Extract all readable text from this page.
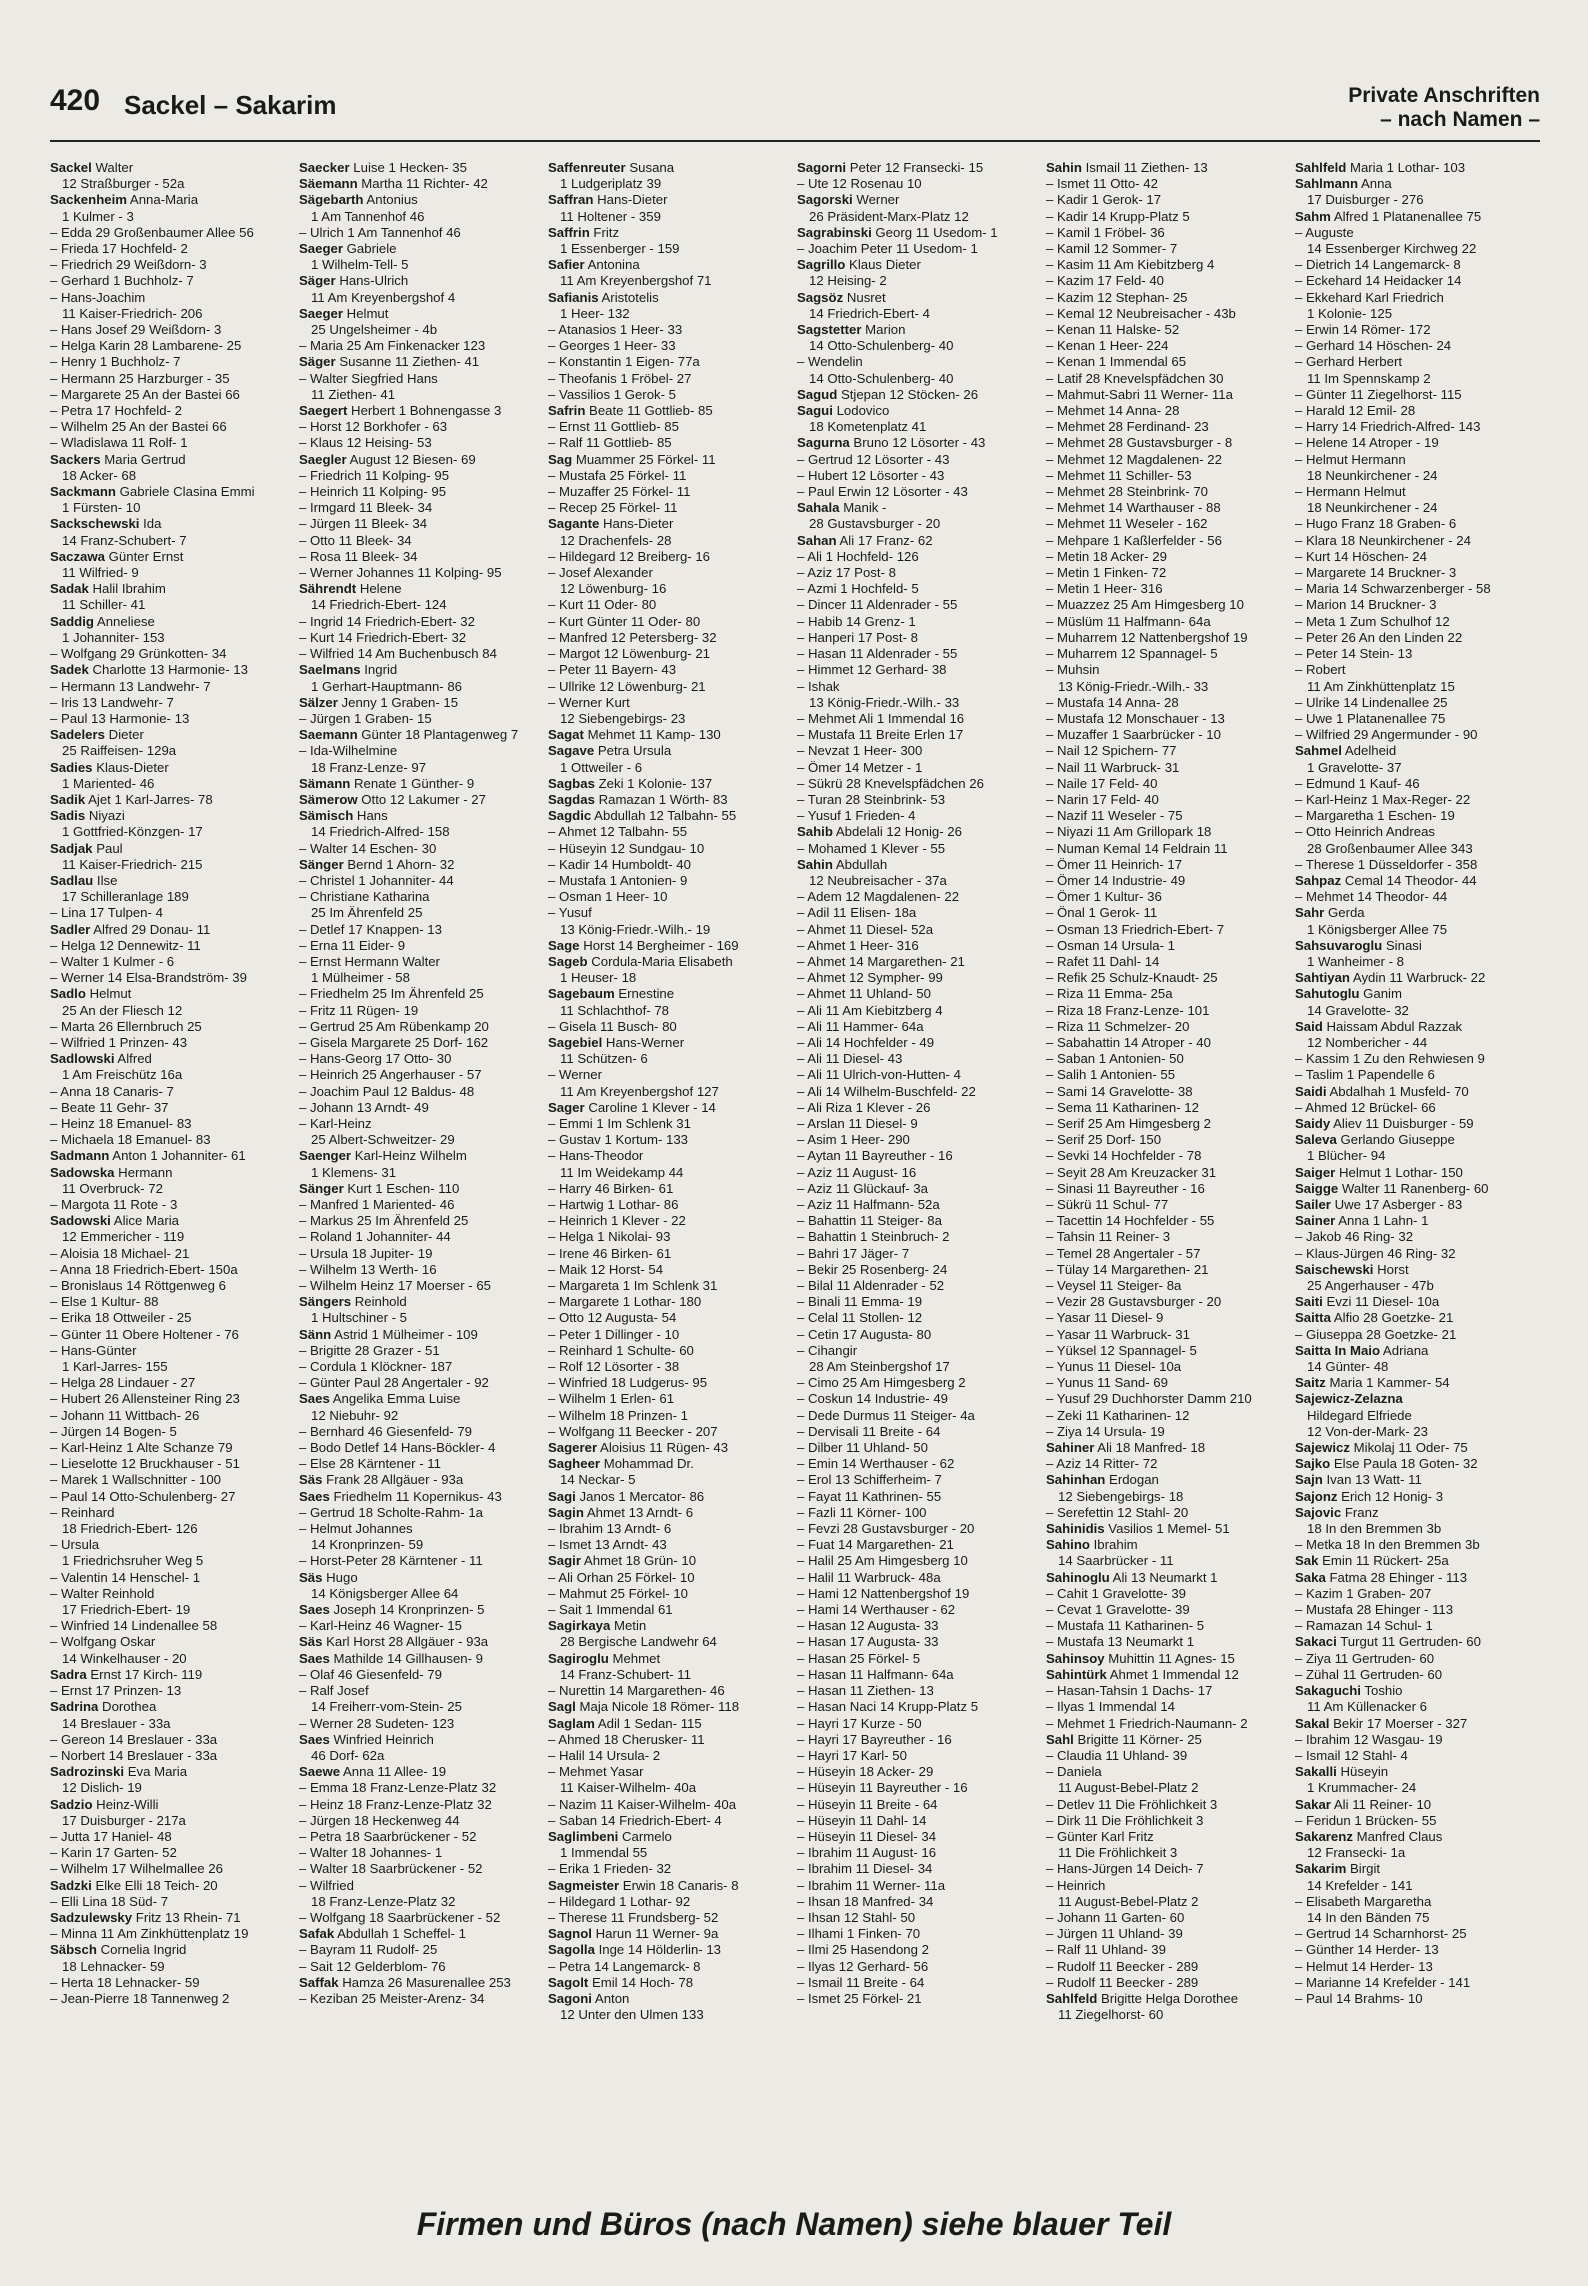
420 Sackel – Sakarim	Private Anschriften
– nach Namen –
Sackel Walter
12 Straßburger - 52a
Sackenheim Anna-Maria
1 Kulmer - 3
– Edda 29 Großenbaumer Allee 56
– Frieda 17 Hochfeld- 2
– Friedrich 29 Weißdorn- 3
– Gerhard 1 Buchholz- 7
– Hans-Joachim
11 Kaiser-Friedrich- 206
– Hans Josef 29 Weißdorn- 3
– Helga Karin 28 Lambarene- 25
– Henry 1 Buchholz- 7
– Hermann 25 Harzburger - 35
– Margarete 25 An der Bastei 66
– Petra 17 Hochfeld- 2
– Wilhelm 25 An der Bastei 66
– Wladislawa 11 Rolf- 1
Sackers Maria Gertrud
18 Acker- 68
Sackmann Gabriele Clasina Emmi
1 Fürsten- 10
Sackschewski Ida
14 Franz-Schubert- 7
Saczawa Günter Ernst
11 Wilfried- 9
Sadak Halil Ibrahim
11 Schiller- 41
Saddig Anneliese
1 Johanniter- 153
– Wolfgang 29 Grünkotten- 34
Sadek Charlotte 13 Harmonie- 13
– Hermann 13 Landwehr- 7
– Iris 13 Landwehr- 7
– Paul 13 Harmonie- 13
Sadelers Dieter
25 Raiffeisen- 129a
Sadies Klaus-Dieter
1 Mariented- 46
Sadik Ajet 1 Karl-Jarres- 78
Sadis Niyazi
1 Gottfried-Könzgen- 17
Sadjak Paul
11 Kaiser-Friedrich- 215
Sadlau Ilse
17 Schilleranlage 189
– Lina 17 Tulpen- 4
Sadler Alfred 29 Donau- 11
– Helga 12 Dennewitz- 11
– Walter 1 Kulmer - 6
– Werner 14 Elsa-Brandström- 39
Sadlo Helmut
25 An der Fliesch 12
– Marta 26 Ellernbruch 25
– Wilfried 1 Prinzen- 43
Sadlowski Alfred
1 Am Freischütz 16a
– Anna 18 Canaris- 7
– Beate 11 Gehr- 37
– Heinz 18 Emanuel- 83
– Michaela 18 Emanuel- 83
Sadmann Anton 1 Johanniter- 61
Sadowska Hermann
11 Overbruck- 72
– Margota 11 Rote - 3
Sadowski Alice Maria
12 Emmericher - 119
– Aloisia 18 Michael- 21
– Anna 18 Friedrich-Ebert- 150a
– Bronislaus 14 Röttgenweg 6
– Else 1 Kultur- 88
– Erika 18 Ottweiler - 25
– Günter 11 Obere Holtener - 76
– Hans-Günter
1 Karl-Jarres- 155
– Helga 28 Lindauer - 27
– Hubert 26 Allensteiner Ring 23
– Johann 11 Wittbach- 26
– Jürgen 14 Bogen- 5
– Karl-Heinz 1 Alte Schanze 79
– Lieselotte 12 Bruckhauser - 51
– Marek 1 Wallschnitter - 100
– Paul 14 Otto-Schulenberg- 27
– Reinhard
18 Friedrich-Ebert- 126
– Ursula
1 Friedrichsruher Weg 5
– Valentin 14 Henschel- 1
– Walter Reinhold
17 Friedrich-Ebert- 19
– Winfried 14 Lindenallee 58
– Wolfgang Oskar
14 Winkelhauser - 20
Sadra Ernst 17 Kirch- 119
– Ernst 17 Prinzen- 13
Sadrina Dorothea
14 Breslauer - 33a
– Gereon 14 Breslauer - 33a
– Norbert 14 Breslauer - 33a
Sadrozinski Eva Maria
12 Dislich- 19
Sadzio Heinz-Willi
17 Duisburger - 217a
– Jutta 17 Haniel- 48
– Karin 17 Garten- 52
– Wilhelm 17 Wilhelmallee 26
Sadzki Elke Elli 18 Teich- 20
– Elli Lina 18 Süd- 7
Sadzulewsky Fritz 13 Rhein- 71
– Minna 11 Am Zinkhüttenplatz 19
Säbsch Cornelia Ingrid
18 Lehnacker- 59
– Herta 18 Lehnacker- 59
– Jean-Pierre 18 Tannenweg 2
Saecker Luise 1 Hecken- 35
Säemann Martha 11 Richter- 42
Sägebarth Antonius
1 Am Tannenhof 46
– Ulrich 1 Am Tannenhof 46
Saeger Gabriele
1 Wilhelm-Tell- 5
Säger Hans-Ulrich
11 Am Kreyenbergshof 4
Saeger Helmut
25 Ungelsheimer - 4b
– Maria 25 Am Finkenacker 123
Säger Susanne 11 Ziethen- 41
– Walter Siegfried Hans
11 Ziethen- 41
Saegert Herbert 1 Bohnengasse 3
– Horst 12 Borkhofer - 63
– Klaus 12 Heising- 53
Saegler August 12 Biesen- 69
– Friedrich 11 Kolping- 95
– Heinrich 11 Kolping- 95
– Irmgard 11 Bleek- 34
– Jürgen 11 Bleek- 34
– Otto 11 Bleek- 34
– Rosa 11 Bleek- 34
– Werner Johannes 11 Kolping- 95
Sährendt Helene
14 Friedrich-Ebert- 124
– Ingrid 14 Friedrich-Ebert- 32
– Kurt 14 Friedrich-Ebert- 32
– Wilfried 14 Am Buchenbusch 84
Saelmans Ingrid
1 Gerhart-Hauptmann- 86
Sälzer Jenny 1 Graben- 15
– Jürgen 1 Graben- 15
Saemann Günter 18 Plantagenweg 7
– Ida-Wilhelmine
18 Franz-Lenze- 97
Sämann Renate 1 Günther- 9
Sämerow Otto 12 Lakumer - 27
Sämisch Hans
14 Friedrich-Alfred- 158
– Walter 14 Eschen- 30
Sänger Bernd 1 Ahorn- 32
– Christel 1 Johanniter- 44
– Christiane Katharina
25 Im Ährenfeld 25
– Detlef 17 Knappen- 13
– Erna 11 Eider- 9
– Ernst Hermann Walter
1 Mülheimer - 58
– Friedhelm 25 Im Ährenfeld 25
– Fritz 11 Rügen- 19
– Gertrud 25 Am Rübenkamp 20
– Gisela Margarete 25 Dorf- 162
– Hans-Georg 17 Otto- 30
– Heinrich 25 Angerhauser - 57
– Joachim Paul 12 Baldus- 48
– Johann 13 Arndt- 49
– Karl-Heinz
25 Albert-Schweitzer- 29
Saenger Karl-Heinz Wilhelm
1 Klemens- 31
Sänger Kurt 1 Eschen- 110
– Manfred 1 Mariented- 46
– Markus 25 Im Ährenfeld 25
– Roland 1 Johanniter- 44
– Ursula 18 Jupiter- 19
– Wilhelm 13 Werth- 16
– Wilhelm Heinz 17 Moerser - 65
Sängers Reinhold
1 Hultschiner - 5
Sänn Astrid 1 Mülheimer - 109
– Brigitte 28 Grazer - 51
– Cordula 1 Klöckner- 187
– Günter Paul 28 Angertaler - 92
Saes Angelika Emma Luise
12 Niebuhr- 92
– Bernhard 46 Giesenfeld- 79
– Bodo Detlef 14 Hans-Böckler- 4
– Else 28 Kärntener - 11
Säs Frank 28 Allgäuer - 93a
Saes Friedhelm 11 Kopernikus- 43
– Gertrud 18 Scholte-Rahm- 1a
– Helmut Johannes
14 Kronprinzen- 59
– Horst-Peter 28 Kärntener - 11
Säs Hugo
14 Königsberger Allee 64
Saes Joseph 14 Kronprinzen- 5
– Karl-Heinz 46 Wagner- 15
Säs Karl Horst 28 Allgäuer - 93a
Saes Mathilde 14 Gillhausen- 9
– Olaf 46 Giesenfeld- 79
– Ralf Josef
14 Freiherr-vom-Stein- 25
– Werner 28 Sudeten- 123
Saes Winfried Heinrich
46 Dorf- 62a
Saewe Anna 11 Allee- 19
– Emma 18 Franz-Lenze-Platz 32
– Heinz 18 Franz-Lenze-Platz 32
– Jürgen 18 Heckenweg 44
– Petra 18 Saarbrückener - 52
– Walter 18 Johannes- 1
– Walter 18 Saarbrückener - 52
– Wilfried
18 Franz-Lenze-Platz 32
– Wolfgang 18 Saarbrückener - 52
Safak Abdullah 1 Scheffel- 1
– Bayram 11 Rudolf- 25
– Sait 12 Gelderblom- 76
Saffak Hamza 26 Masurenallee 253
– Keziban 25 Meister-Arenz- 34
Saffenreuter Susana
1 Ludgeriplatz 39
Saffran Hans-Dieter
11 Holtener - 359
Saffrin Fritz
1 Essenberger - 159
Safier Antonina
11 Am Kreyenbergshof 71
Safianis Aristotelis
1 Heer- 132
– Atanasios 1 Heer- 33
– Georges 1 Heer- 33
– Konstantin 1 Eigen- 77a
– Theofanis 1 Fröbel- 27
– Vassilios 1 Gerok- 5
Safrin Beate 11 Gottlieb- 85
– Ernst 11 Gottlieb- 85
– Ralf 11 Gottlieb- 85
Sag Muammer 25 Förkel- 11
– Mustafa 25 Förkel- 11
– Muzaffer 25 Förkel- 11
– Recep 25 Förkel- 11
Sagante Hans-Dieter
12 Drachenfels- 28
– Hildegard 12 Breiberg- 16
– Josef Alexander
12 Löwenburg- 16
– Kurt 11 Oder- 80
– Kurt Günter 11 Oder- 80
– Manfred 12 Petersberg- 32
– Margot 12 Löwenburg- 21
– Peter 11 Bayern- 43
– Ullrike 12 Löwenburg- 21
– Werner Kurt
12 Siebengebirgs- 23
Sagat Mehmet 11 Kamp- 130
Sagave Petra Ursula
1 Ottweiler - 6
Sagbas Zeki 1 Kolonie- 137
Sagdas Ramazan 1 Wörth- 83
Sagdic Abdullah 12 Talbahn- 55
– Ahmet 12 Talbahn- 55
– Hüseyin 12 Sundgau- 10
– Kadir 14 Humboldt- 40
– Mustafa 1 Antonien- 9
– Osman 1 Heer- 10
– Yusuf
13 König-Friedr.-Wilh.- 19
Sage Horst 14 Bergheimer - 169
Sageb Cordula-Maria Elisabeth
1 Heuser- 18
Sagebaum Ernestine
11 Schlachthof- 78
– Gisela 11 Busch- 80
Sagebiel Hans-Werner
11 Schützen- 6
– Werner
11 Am Kreyenbergshof 127
Sager Caroline 1 Klever - 14
– Emmi 1 Im Schlenk 31
– Gustav 1 Kortum- 133
– Hans-Theodor
11 Im Weidekamp 44
– Harry 46 Birken- 61
– Hartwig 1 Lothar- 86
– Heinrich 1 Klever - 22
– Helga 1 Nikolai- 93
– Irene 46 Birken- 61
– Maik 12 Horst- 54
– Margareta 1 Im Schlenk 31
– Margarete 1 Lothar- 180
– Otto 12 Augusta- 54
– Peter 1 Dillinger - 10
– Reinhard 1 Schulte- 60
– Rolf 12 Lösorter - 38
– Winfried 18 Ludgerus- 95
– Wilhelm 1 Erlen- 61
– Wilhelm 18 Prinzen- 1
– Wolfgang 11 Beecker - 207
Sagerer Aloisius 11 Rügen- 43
Sagheer Mohammad Dr.
14 Neckar- 5
Sagi Janos 1 Mercator- 86
Sagin Ahmet 13 Arndt- 6
– Ibrahim 13 Arndt- 6
– Ismet 13 Arndt- 43
Sagir Ahmet 18 Grün- 10
– Ali Orhan 25 Förkel- 10
– Mahmut 25 Förkel- 10
– Sait 1 Immendal 61
Sagirkaya Metin
28 Bergische Landwehr 64
Sagiroglu Mehmet
14 Franz-Schubert- 11
– Nurettin 14 Margarethen- 46
Sagl Maja Nicole 18 Römer- 118
Saglam Adil 1 Sedan- 115
– Ahmed 18 Cherusker- 11
– Halil 14 Ursula- 2
– Mehmet Yasar
11 Kaiser-Wilhelm- 40a
– Nazim 11 Kaiser-Wilhelm- 40a
– Saban 14 Friedrich-Ebert- 4
Saglimbeni Carmelo
1 Immendal 55
– Erika 1 Frieden- 32
Sagmeister Erwin 18 Canaris- 8
– Hildegard 1 Lothar- 92
– Therese 11 Frundsberg- 52
Sagnol Harun 11 Werner- 9a
Sagolla Inge 14 Hölderlin- 13
– Petra 14 Langemarck- 8
Sagolt Emil 14 Hoch- 78
Sagoni Anton
12 Unter den Ulmen 133
Sagorni Peter 12 Fransecki- 15
– Ute 12 Rosenau 10
Sagorski Werner
26 Präsident-Marx-Platz 12
Sagrabinski Georg 11 Usedom- 1
– Joachim Peter 11 Usedom- 1
Sagrillo Klaus Dieter
12 Heising- 2
Sagsöz Nusret
14 Friedrich-Ebert- 4
Sagstetter Marion
14 Otto-Schulenberg- 40
– Wendelin
14 Otto-Schulenberg- 40
Sagud Stjepan 12 Stöcken- 26
Sagui Lodovico
18 Kometenplatz 41
Sagurna Bruno 12 Lösorter - 43
– Gertrud 12 Lösorter - 43
– Hubert 12 Lösorter - 43
– Paul Erwin 12 Lösorter - 43
Sahala Manik -
28 Gustavsburger - 20
Sahan Ali 17 Franz- 62
– Ali 1 Hochfeld- 126
– Aziz 17 Post- 8
– Azmi 1 Hochfeld- 5
– Dincer 11 Aldenrader - 55
– Habib 14 Grenz- 1
– Hanperi 17 Post- 8
– Hasan 11 Aldenrader - 55
– Himmet 12 Gerhard- 38
– Ishak
13 König-Friedr.-Wilh.- 33
– Mehmet Ali 1 Immendal 16
– Mustafa 11 Breite Erlen 17
– Nevzat 1 Heer- 300
– Ömer 14 Metzer - 1
– Sükrü 28 Knevelspfädchen 26
– Turan 28 Steinbrink- 53
– Yusuf 1 Frieden- 4
Sahib Abdelali 12 Honig- 26
– Mohamed 1 Klever - 55
Sahin Abdullah
12 Neubreisacher - 37a
– Adem 12 Magdalenen- 22
– Adil 11 Elisen- 18a
– Ahmet 11 Diesel- 52a
– Ahmet 1 Heer- 316
– Ahmet 14 Margarethen- 21
– Ahmet 12 Sympher- 99
– Ahmet 11 Uhland- 50
– Ali 11 Am Kiebitzberg 4
– Ali 11 Hammer- 64a
– Ali 14 Hochfelder - 49
– Ali 11 Diesel- 43
– Ali 11 Ulrich-von-Hutten- 4
– Ali 14 Wilhelm-Buschfeld- 22
– Ali Riza 1 Klever - 26
– Arslan 11 Diesel- 9
– Asim 1 Heer- 290
– Aytan 11 Bayreuther - 16
– Aziz 11 August- 16
– Aziz 11 Glückauf- 3a
– Aziz 11 Halfmann- 52a
– Bahattin 11 Steiger- 8a
– Bahattin 1 Steinbruch- 2
– Bahri 17 Jäger- 7
– Bekir 25 Rosenberg- 24
– Bilal 11 Aldenrader - 52
– Binali 11 Emma- 19
– Celal 11 Stollen- 12
– Cetin 17 Augusta- 80
– Cihangir
28 Am Steinbergshof 17
– Cimo 25 Am Himgesberg 2
– Coskun 14 Industrie- 49
– Dede Durmus 11 Steiger- 4a
– Dervisali 11 Breite - 64
– Dilber 11 Uhland- 50
– Emin 14 Werthauser - 62
– Erol 13 Schifferheim- 7
– Fayat 11 Kathrinen- 55
– Fazli 11 Körner- 100
– Fevzi 28 Gustavsburger - 20
– Fuat 14 Margarethen- 21
– Halil 25 Am Himgesberg 10
– Halil 11 Warbruck- 48a
– Hami 12 Nattenbergshof 19
– Hami 14 Werthauser - 62
– Hasan 12 Augusta- 33
– Hasan 17 Augusta- 33
– Hasan 25 Förkel- 5
– Hasan 11 Halfmann- 64a
– Hasan 11 Ziethen- 13
– Hasan Naci 14 Krupp-Platz 5
– Hayri 17 Kurze - 50
– Hayri 17 Bayreuther - 16
– Hayri 17 Karl- 50
– Hüseyin 18 Acker- 29
– Hüseyin 11 Bayreuther - 16
– Hüseyin 11 Breite - 64
– Hüseyin 11 Dahl- 14
– Hüseyin 11 Diesel- 34
– Ibrahim 11 August- 16
– Ibrahim 11 Diesel- 34
– Ibrahim 11 Werner- 11a
– Ihsan 18 Manfred- 34
– Ihsan 12 Stahl- 50
– Ilhami 1 Finken- 70
– Ilmi 25 Hasendong 2
– Ilyas 12 Gerhard- 56
– Ismail 11 Breite - 64
– Ismet 25 Förkel- 21
Sahin Ismail 11 Ziethen- 13
– Ismet 11 Otto- 42
– Kadir 1 Gerok- 17
– Kadir 14 Krupp-Platz 5
– Kamil 1 Fröbel- 36
– Kamil 12 Sommer- 7
– Kasim 11 Am Kiebitzberg 4
– Kazim 17 Feld- 40
– Kazim 12 Stephan- 25
– Kemal 12 Neubreisacher - 43b
– Kenan 11 Halske- 52
– Kenan 1 Heer- 224
– Kenan 1 Immendal 65
– Latif 28 Knevelspfädchen 30
– Mahmut-Sabri 11 Werner- 11a
– Mehmet 14 Anna- 28
– Mehmet 28 Ferdinand- 23
– Mehmet 28 Gustavsburger - 8
– Mehmet 12 Magdalenen- 22
– Mehmet 11 Schiller- 53
– Mehmet 28 Steinbrink- 70
– Mehmet 14 Warthauser - 88
– Mehmet 11 Weseler - 162
– Mehpare 1 Kaßlerfelder - 56
– Metin 18 Acker- 29
– Metin 1 Finken- 72
– Metin 1 Heer- 316
– Muazzez 25 Am Himgesberg 10
– Müslüm 11 Halfmann- 64a
– Muharrem 12 Nattenbergshof 19
– Muharrem 12 Spannagel- 5
– Muhsin
13 König-Friedr.-Wilh.- 33
– Mustafa 14 Anna- 28
– Mustafa 12 Monschauer - 13
– Muzaffer 1 Saarbrücker - 10
– Nail 12 Spichern- 77
– Nail 11 Warbruck- 31
– Naile 17 Feld- 40
– Narin 17 Feld- 40
– Nazif 11 Weseler - 75
– Niyazi 11 Am Grillopark 18
– Numan Kemal 14 Feldrain 11
– Ömer 11 Heinrich- 17
– Ömer 14 Industrie- 49
– Ömer 1 Kultur- 36
– Önal 1 Gerok- 11
– Osman 13 Friedrich-Ebert- 7
– Osman 14 Ursula- 1
– Rafet 11 Dahl- 14
– Refik 25 Schulz-Knaudt- 25
– Riza 11 Emma- 25a
– Riza 18 Franz-Lenze- 101
– Riza 11 Schmelzer- 20
– Sabahattin 14 Atroper - 40
– Saban 1 Antonien- 50
– Salih 1 Antonien- 55
– Sami 14 Gravelotte- 38
– Sema 11 Katharinen- 12
– Serif 25 Am Himgesberg 2
– Serif 25 Dorf- 150
– Sevki 14 Hochfelder - 78
– Seyit 28 Am Kreuzacker 31
– Sinasi 11 Bayreuther - 16
– Sükrü 11 Schul- 77
– Tacettin 14 Hochfelder - 55
– Tahsin 11 Reiner- 3
– Temel 28 Angertaler - 57
– Tülay 14 Margarethen- 21
– Veysel 11 Steiger- 8a
– Vezir 28 Gustavsburger - 20
– Yasar 11 Diesel- 9
– Yasar 11 Warbruck- 31
– Yüksel 12 Spannagel- 5
– Yunus 11 Diesel- 10a
– Yunus 11 Sand- 69
– Yusuf 29 Duchhorster Damm 210
– Zeki 11 Katharinen- 12
– Ziya 14 Ursula- 19
Sahiner Ali 18 Manfred- 18
– Aziz 14 Ritter- 72
Sahinhan Erdogan
12 Siebengebirgs- 18
– Serefettin 12 Stahl- 20
Sahinidis Vasilios 1 Memel- 51
Sahino Ibrahim
14 Saarbrücker - 11
Sahinoglu Ali 13 Neumarkt 1
– Cahit 1 Gravelotte- 39
– Cevat 1 Gravelotte- 39
– Mustafa 11 Katharinen- 5
– Mustafa 13 Neumarkt 1
Sahinsoy Muhittin 11 Agnes- 15
Sahintürk Ahmet 1 Immendal 12
– Hasan-Tahsin 1 Dachs- 17
– Ilyas 1 Immendal 14
– Mehmet 1 Friedrich-Naumann- 2
Sahl Brigitte 11 Körner- 25
– Claudia 11 Uhland- 39
– Daniela
11 August-Bebel-Platz 2
– Detlev 11 Die Fröhlichkeit 3
– Dirk 11 Die Fröhlichkeit 3
– Günter Karl Fritz
11 Die Fröhlichkeit 3
– Hans-Jürgen 14 Deich- 7
– Heinrich
11 August-Bebel-Platz 2
– Johann 11 Garten- 60
– Jürgen 11 Uhland- 39
– Ralf 11 Uhland- 39
– Rudolf 11 Beecker - 289
– Rudolf 11 Beecker - 289
Sahlfeld Brigitte Helga Dorothee
11 Ziegelhorst- 60
Sahlfeld Maria 1 Lothar- 103
Sahlmann Anna
17 Duisburger - 276
Sahm Alfred 1 Platanenallee 75
– Auguste
14 Essenberger Kirchweg 22
– Dietrich 14 Langemarck- 8
– Eckehard 14 Heidacker 14
– Ekkehard Karl Friedrich
1 Kolonie- 125
– Erwin 14 Römer- 172
– Gerhard 14 Höschen- 24
– Gerhard Herbert
11 Im Spennskamp 2
– Günter 11 Ziegelhorst- 115
– Harald 12 Emil- 28
– Harry 14 Friedrich-Alfred- 143
– Helene 14 Atroper - 19
– Helmut Hermann
18 Neunkirchener - 24
– Hermann Helmut
18 Neunkirchener - 24
– Hugo Franz 18 Graben- 6
– Klara 18 Neunkirchener - 24
– Kurt 14 Höschen- 24
– Margarete 14 Bruckner- 3
– Maria 14 Schwarzenberger - 58
– Marion 14 Bruckner- 3
– Meta 1 Zum Schulhof 12
– Peter 26 An den Linden 22
– Peter 14 Stein- 13
– Robert
11 Am Zinkhüttenplatz 15
– Ulrike 14 Lindenallee 25
– Uwe 1 Platanenallee 75
– Wilfried 29 Angermunder - 90
Sahmel Adelheid
1 Gravelotte- 37
– Edmund 1 Kauf- 46
– Karl-Heinz 1 Max-Reger- 22
– Margaretha 1 Eschen- 19
– Otto Heinrich Andreas
28 Großenbaumer Allee 343
– Therese 1 Düsseldorfer - 358
Sahpaz Cemal 14 Theodor- 44
– Mehmet 14 Theodor- 44
Sahr Gerda
1 Königsberger Allee 75
Sahsuvaroglu Sinasi
1 Wanheimer - 8
Sahtiyan Aydin 11 Warbruck- 22
Sahutoglu Ganim
14 Gravelotte- 32
Said Haissam Abdul Razzak
12 Nombericher - 44
– Kassim 1 Zu den Rehwiesen 9
– Taslim 1 Papendelle 6
Saidi Abdalhah 1 Musfeld- 70
– Ahmed 12 Brückel- 66
Saidy Aliev 11 Duisburger - 59
Saleva Gerlando Giuseppe
1 Blücher- 94
Saiger Helmut 1 Lothar- 150
Saigge Walter 11 Ranenberg- 60
Sailer Uwe 17 Asberger - 83
Sainer Anna 1 Lahn- 1
– Jakob 46 Ring- 32
– Klaus-Jürgen 46 Ring- 32
Saischewski Horst
25 Angerhauser - 47b
Saiti Evzi 11 Diesel- 10a
Saitta Alfio 28 Goetzke- 21
– Giuseppa 28 Goetzke- 21
Saitta In Maio Adriana
14 Günter- 48
Saitz Maria 1 Kammer- 54
Sajewicz-Zelazna
Hildegard Elfriede
12 Von-der-Mark- 23
Sajewicz Mikolaj 11 Oder- 75
Sajko Else Paula 18 Goten- 32
Sajn Ivan 13 Watt- 11
Sajonz Erich 12 Honig- 3
Sajovic Franz
18 In den Bremmen 3b
– Metka 18 In den Bremmen 3b
Sak Emin 11 Rückert- 25a
Saka Fatma 28 Ehinger - 113
– Kazim 1 Graben- 207
– Mustafa 28 Ehinger - 113
– Ramazan 14 Schul- 1
Sakaci Turgut 11 Gertruden- 60
– Ziya 11 Gertruden- 60
– Zühal 11 Gertruden- 60
Sakaguchi Toshio
11 Am Küllenacker 6
Sakal Bekir 17 Moerser - 327
– Ibrahim 12 Wasgau- 19
– Ismail 12 Stahl- 4
Sakalli Hüseyin
1 Krummacher- 24
Sakar Ali 11 Reiner- 10
– Feridun 1 Brücken- 55
Sakarenz Manfred Claus
12 Fransecki- 1a
Sakarim Birgit
14 Krefelder - 141
– Elisabeth Margaretha
14 In den Bänden 75
– Gertrud 14 Scharnhorst- 25
– Günther 14 Herder- 13
– Helmut 14 Herder- 13
– Marianne 14 Krefelder - 141
– Paul 14 Brahms- 10
Firmen und Büros (nach Namen) siehe blauer Teil
